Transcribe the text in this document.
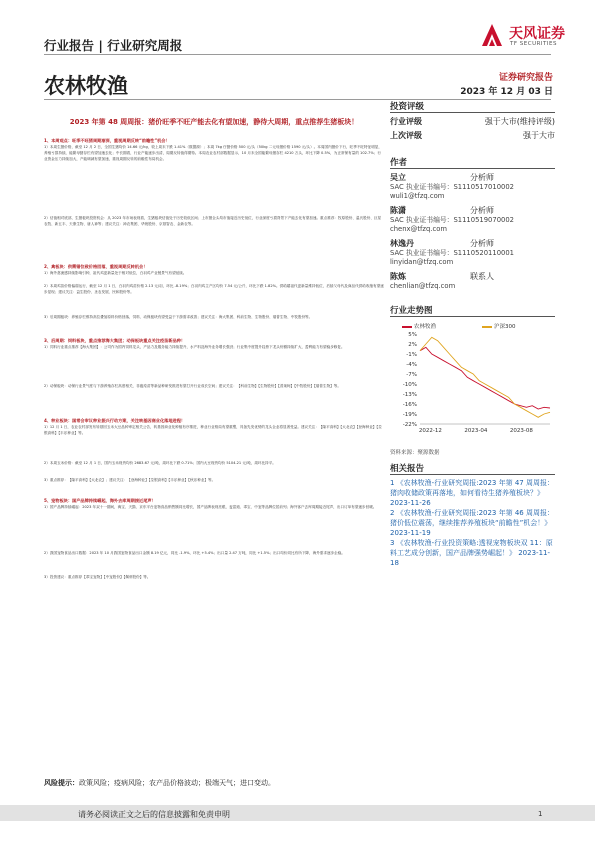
行业报告 | 行业研究周报
天风证券
TF SECURITIES
农林牧渔	证券研究报告
2023 年 12 月 03 日
2023 年第 48 周周报：猪价旺季不旺产能去化有望加速，静待大周期，重点推荐生猪板块！
1、本周观点：旺季不旺猪周期渐深，重视周期反转“前瞻性”机会！
1）本周生猪价格，截至 12 月 2 日，全国生猪均价 14.66 元/kg，较上周末下跌 1.41%（数据源）；本周 7kg 仔猪价格 500 元/头（50kg 二元母猪价格 1590 元/头）。本周国内猪价下行，旺季不旺特征明显，养殖亏损持续，能繁母猪存栏有望加速去化；中长期看，行业产能逐步出清，周期反转值得期待。本周农业农村部数据显示，10 月末全国能繁母猪存栏 4210 万头，环比下降 0.5%，为正常保有量的 102.7%；行业资金压力持续加大，产能调减有望加速，重视周期反转的前瞻性布局机会。
2）估值相对底部，生猪板块投资机会：从 2023 年市场表现看，生猪板块估值处于历史较低区间；上市猪企头均市值接近历史低位，行业深度亏损背景下产能去化有望加速。重点推荐：牧原股份、温氏股份、巨星农牧、新五丰、天康生物、唐人神等；建议关注：神农集团、华统股份、京基智农、金新农等。
2、禽板块：供需错位致价格回落，重视周期反转机会！
1）海外禽流感持续影响引种，祖代鸡更新量处于相对低位，白羽鸡产业链景气有望延续。
2）本周鸡苗价格偏弱运行，截至 12 月 1 日，白羽肉鸡苗价格 2.13 元/羽，环比 -8.19%；白羽肉鸡主产区均价 7.54 元/公斤，环比下跌 1.82%。供给端祖代更新量维持低位，后续父母代及商品代供给收缩有望逐步显现；建议关注：益生股份、圣农发展、民和股份等。
3）后周期板块：养殖存栏维持高位叠加原料价格回落，饲料、动保板块有望受益于下游需求改善；建议关注：海大集团、科前生物、生物股份、瑞普生物、中牧股份等。
3、后周期：饲料板块，重点推荐海大集团；动保板块重点关注疫苗新品种！
1）饲料行业重点推荐【海大集团】：公司作为国内饲料龙头，产品力及服务能力持续提升，水产料及海外业务增长强劲；行业集中度提升趋势下龙头份额持续扩大，盈利能力有望稳步修复。
2）动保板块：动保行业景气度与下游养殖存栏高度相关，非瘟疫苗等新品种研发推进有望打开行业成长空间；建议关注：【科前生物】【生物股份】【普莱柯】【中牧股份】【瑞普生物】等。
4、种业板块：国常会审议种业振兴行动方案，关注转基因商业化落地进程！
1）12 月 1 日，农业农村部发布转基因玉米大豆品种审定相关公告，转基因商业化种植有序推进，种业行业格局有望重塑，具备先发优势的龙头企业将显著受益。建议关注：【隆平高科】【大北农】【登海种业】【荃银高科】【丰乐种业】等。
2）本周玉米价格：截至 12 月 1 日，国内玉米现货均价 2683.67 元/吨，周环比下跌 0.71%；国内大豆现货均价 5104.21 元/吨，周环比持平。
3）重点推荐：【隆平高科】【大北农】；建议关注：【登海种业】【荃银高科】【丰乐种业】【秋乐种业】等。
5、宠物板块：国产品牌持续崛起，海外去库周期接近尾声！
1）国产品牌持续崛起：2023 年双十一期间，淘宝、天猫、京东平台宠物食品销售额同比增长，国产品牌表现亮眼，麦富迪、乖宝、中宠等品牌位居前列；海外客户去库周期接近尾声，出口订单有望逐步回暖。
2）我国宠物食品出口数据：2023 年 10 月我国宠物食品出口金额 8.19 亿元，同比 -1.9%，环比 +5.4%；出口量 2.47 万吨，同比 +1.5%；出口均价同比有所下降，海外需求逐步企稳。
3）投资建议：重点推荐【乖宝宠物】【中宠股份】【佩蒂股份】等。
风险提示：政策风险；疫病风险；农产品价格波动；极端天气；进口变动。
投资评级
行业评级	强于大市(维持评级)
上次评级	强于大市
作者
吴立	分析师
SAC 执业证书编号：S1110517010002
wuli1@tfzq.com
陈潇	分析师
SAC 执业证书编号：S1110519070002
chenx@tfzq.com
林逸丹	分析师
SAC 执业证书编号：S1110520110001
linyidan@tfzq.com
陈炼	联系人
chenlian@tfzq.com
行业走势图
农林牧渔	沪深300
5%
2%
-1%
-4%
-7%
-10%
-13%
-16%
-19%
-22%
2022-12	2023-04	2023-08
资料来源：聚源数据
相关报告
1 《农林牧渔-行业研究周报:2023 年第 47 周周报：猪肉收储政策再落地，如何看待生猪养殖板块？》 2023-11-26
2 《农林牧渔-行业研究周报:2023 年第 46 周周报：猪价低位震荡，继续推荐养殖板块“前瞻性”机会！》 2023-11-19
3 《农林牧渔-行业投资策略:透视宠物板块双 11：原料工艺成分创新，国产品牌强势崛起！》 2023-11-18
请务必阅读正文之后的信息披露和免责申明	1
